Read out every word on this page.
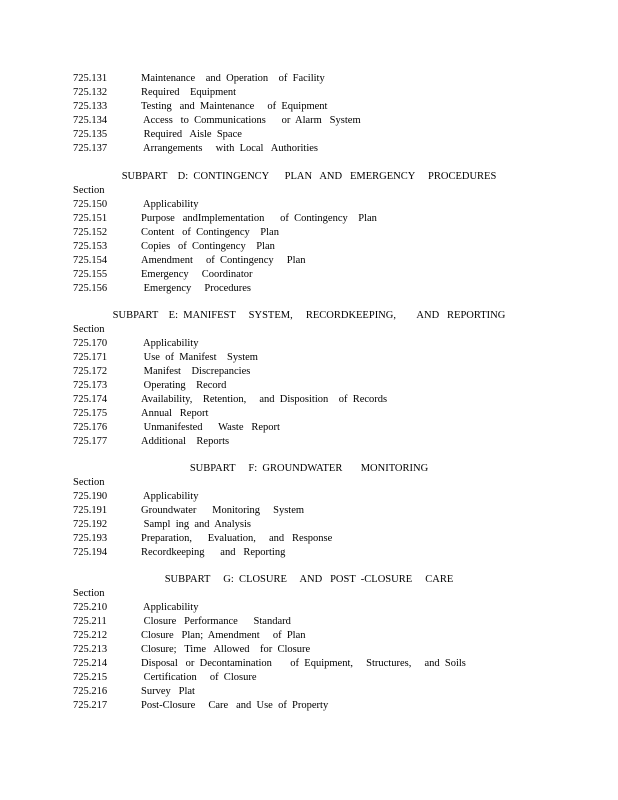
725.131	Maintenance    and  Operation    of  Facility
725.132	Required    Equipment
725.133	Testing   and  Maintenance     of  Equipment
725.134	Access   to  Communications      or  Alarm   System
725.135	Required   Aisle  Space
725.137	Arrangements     with  Local   Authorities
SUBPART    D:  CONTINGENCY      PLAN   AND   EMERGENCY     PROCEDURES
Section
725.150	Applicability
725.151	Purpose   andImplementation      of  Contingency    Plan
725.152	Content   of  Contingency    Plan
725.153	Copies   of  Contingency    Plan
725.154	Amendment     of  Contingency     Plan
725.155	Emergency     Coordinator
725.156	Emergency     Procedures
SUBPART    E:  MANIFEST     SYSTEM,     RECORDKEEPING,        AND   REPORTING
Section
725.170	Applicability
725.171	Use  of  Manifest    System
725.172	Manifest    Discrepancies
725.173	Operating    Record
725.174	Availability,    Retention,     and  Disposition    of  Records
725.175	Annual   Report
725.176	Unmanifested      Waste   Report
725.177	Additional    Reports
SUBPART     F:  GROUNDWATER       MONITORING
Section
725.190	Applicability
725.191	Groundwater      Monitoring     System
725.192	Sampl  ing  and  Analysis
725.193	Preparation,      Evaluation,     and   Response
725.194	Recordkeeping      and   Reporting
SUBPART     G:  CLOSURE     AND   POST  -CLOSURE     CARE
Section
725.210	Applicability
725.211	Closure   Performance      Standard
725.212	Closure   Plan;  Amendment     of  Plan
725.213	Closure;   Time   Allowed    for  Closure
725.214	Disposal   or  Decontamination       of  Equipment,     Structures,     and  Soils
725.215	Certification     of  Closure
725.216	Survey   Plat
725.217	Post-Closure     Care   and  Use  of  Property
